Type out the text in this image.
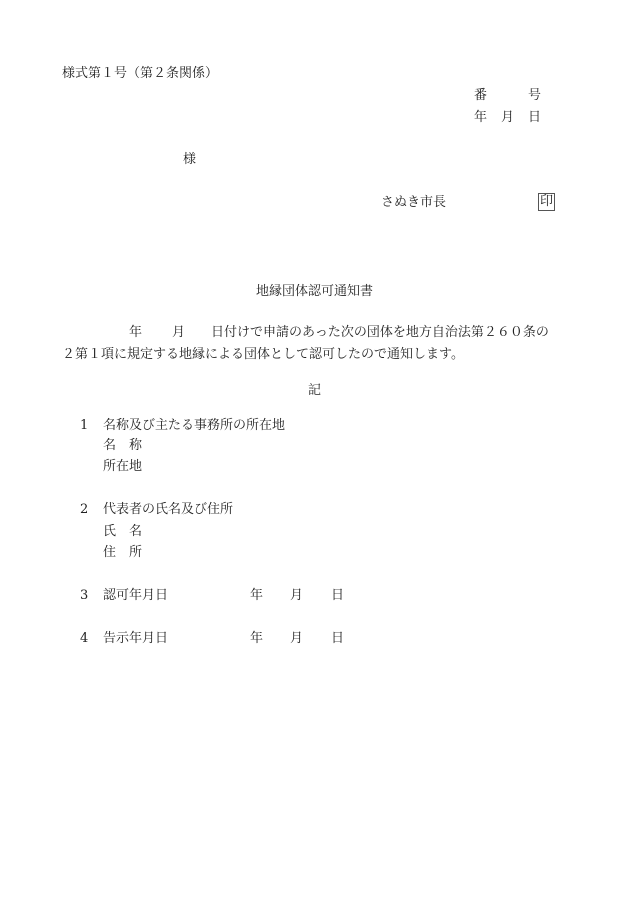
様式第１号（第２条関係）
番	号
年 月 日
様
さぬき市長	印
地縁団体認可通知書
年 月 日付けで申請のあった次の団体を地方自治法第２６０条の
２第１項に規定する地縁による団体として認可したので通知します。
記
1 名称及び主たる事務所の所在地
名　称
所在地
2 代表者の氏名及び住所
氏　名
住　所
3 認可年月日	年 月 日
4 告示年月日	年 月 日
